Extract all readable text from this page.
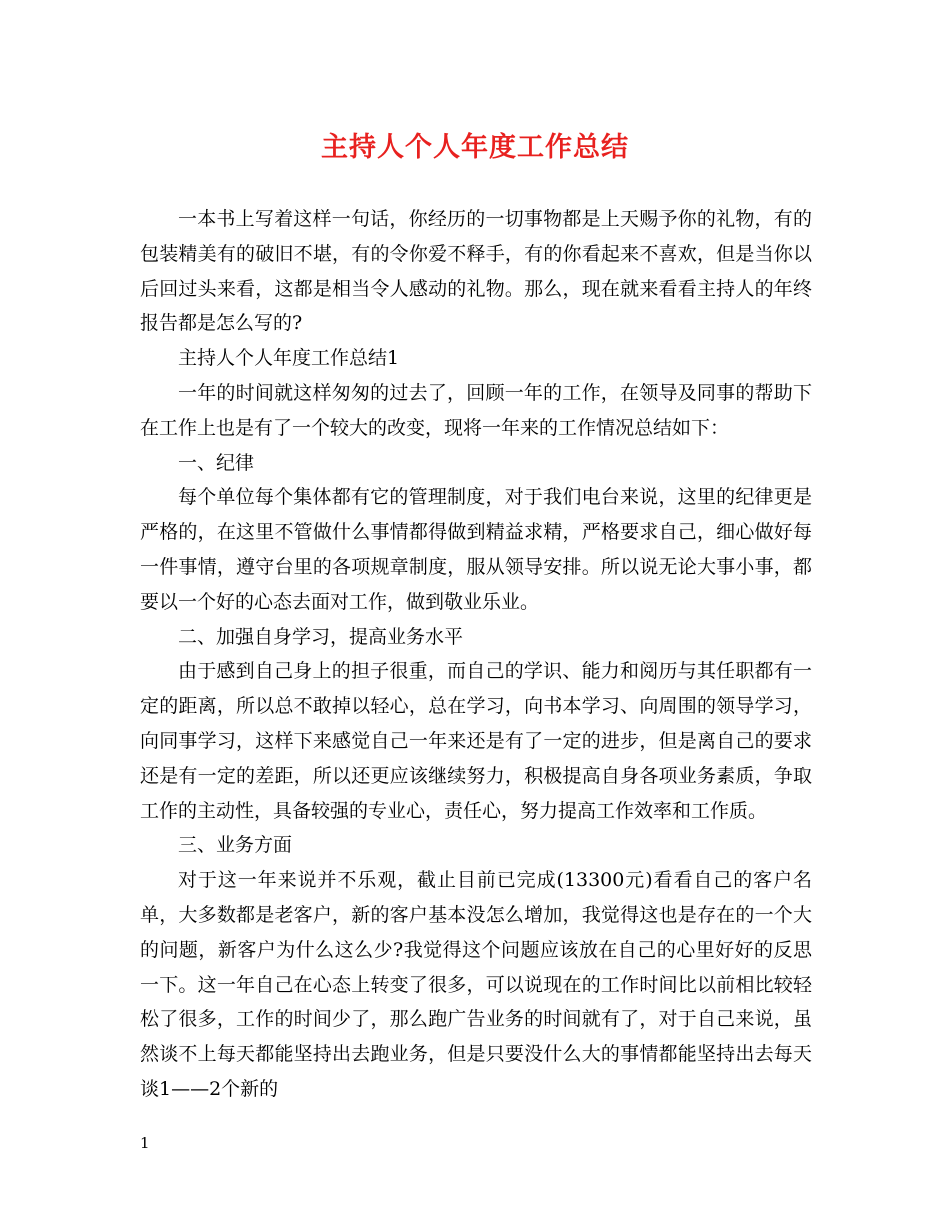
主持人个人年度工作总结

一本书上写着这样一句话，你经历的一切事物都是上天赐予你的礼物，有的包装精美有的破旧不堪，有的令你爱不释手，有的你看起来不喜欢，但是当你以后回过头来看，这都是相当令人感动的礼物。那么，现在就来看看主持人的年终报告都是怎么写的?

主持人个人年度工作总结1

一年的时间就这样匆匆的过去了，回顾一年的工作，在领导及同事的帮助下在工作上也是有了一个较大的改变，现将一年来的工作情况总结如下：

一、纪律

每个单位每个集体都有它的管理制度，对于我们电台来说，这里的纪律更是严格的，在这里不管做什么事情都得做到精益求精，严格要求自己，细心做好每一件事情，遵守台里的各项规章制度，服从领导安排。所以说无论大事小事，都要以一个好的心态去面对工作，做到敬业乐业。

二、加强自身学习，提高业务水平

由于感到自己身上的担子很重，而自己的学识、能力和阅历与其任职都有一定的距离，所以总不敢掉以轻心，总在学习，向书本学习、向周围的领导学习，向同事学习，这样下来感觉自己一年来还是有了一定的进步，但是离自己的要求还是有一定的差距，所以还更应该继续努力，积极提高自身各项业务素质，争取工作的主动性，具备较强的专业心，责任心，努力提高工作效率和工作质。

三、业务方面

对于这一年来说并不乐观，截止目前已完成(13300元)看看自己的客户名单，大多数都是老客户，新的客户基本没怎么增加，我觉得这也是存在的一个大的问题，新客户为什么这么少?我觉得这个问题应该放在自己的心里好好的反思一下。这一年自己在心态上转变了很多，可以说现在的工作时间比以前相比较轻松了很多，工作的时间少了，那么跑广告业务的时间就有了，对于自己来说，虽然谈不上每天都能坚持出去跑业务，但是只要没什么大的事情都能坚持出去每天谈1——2个新的

1
